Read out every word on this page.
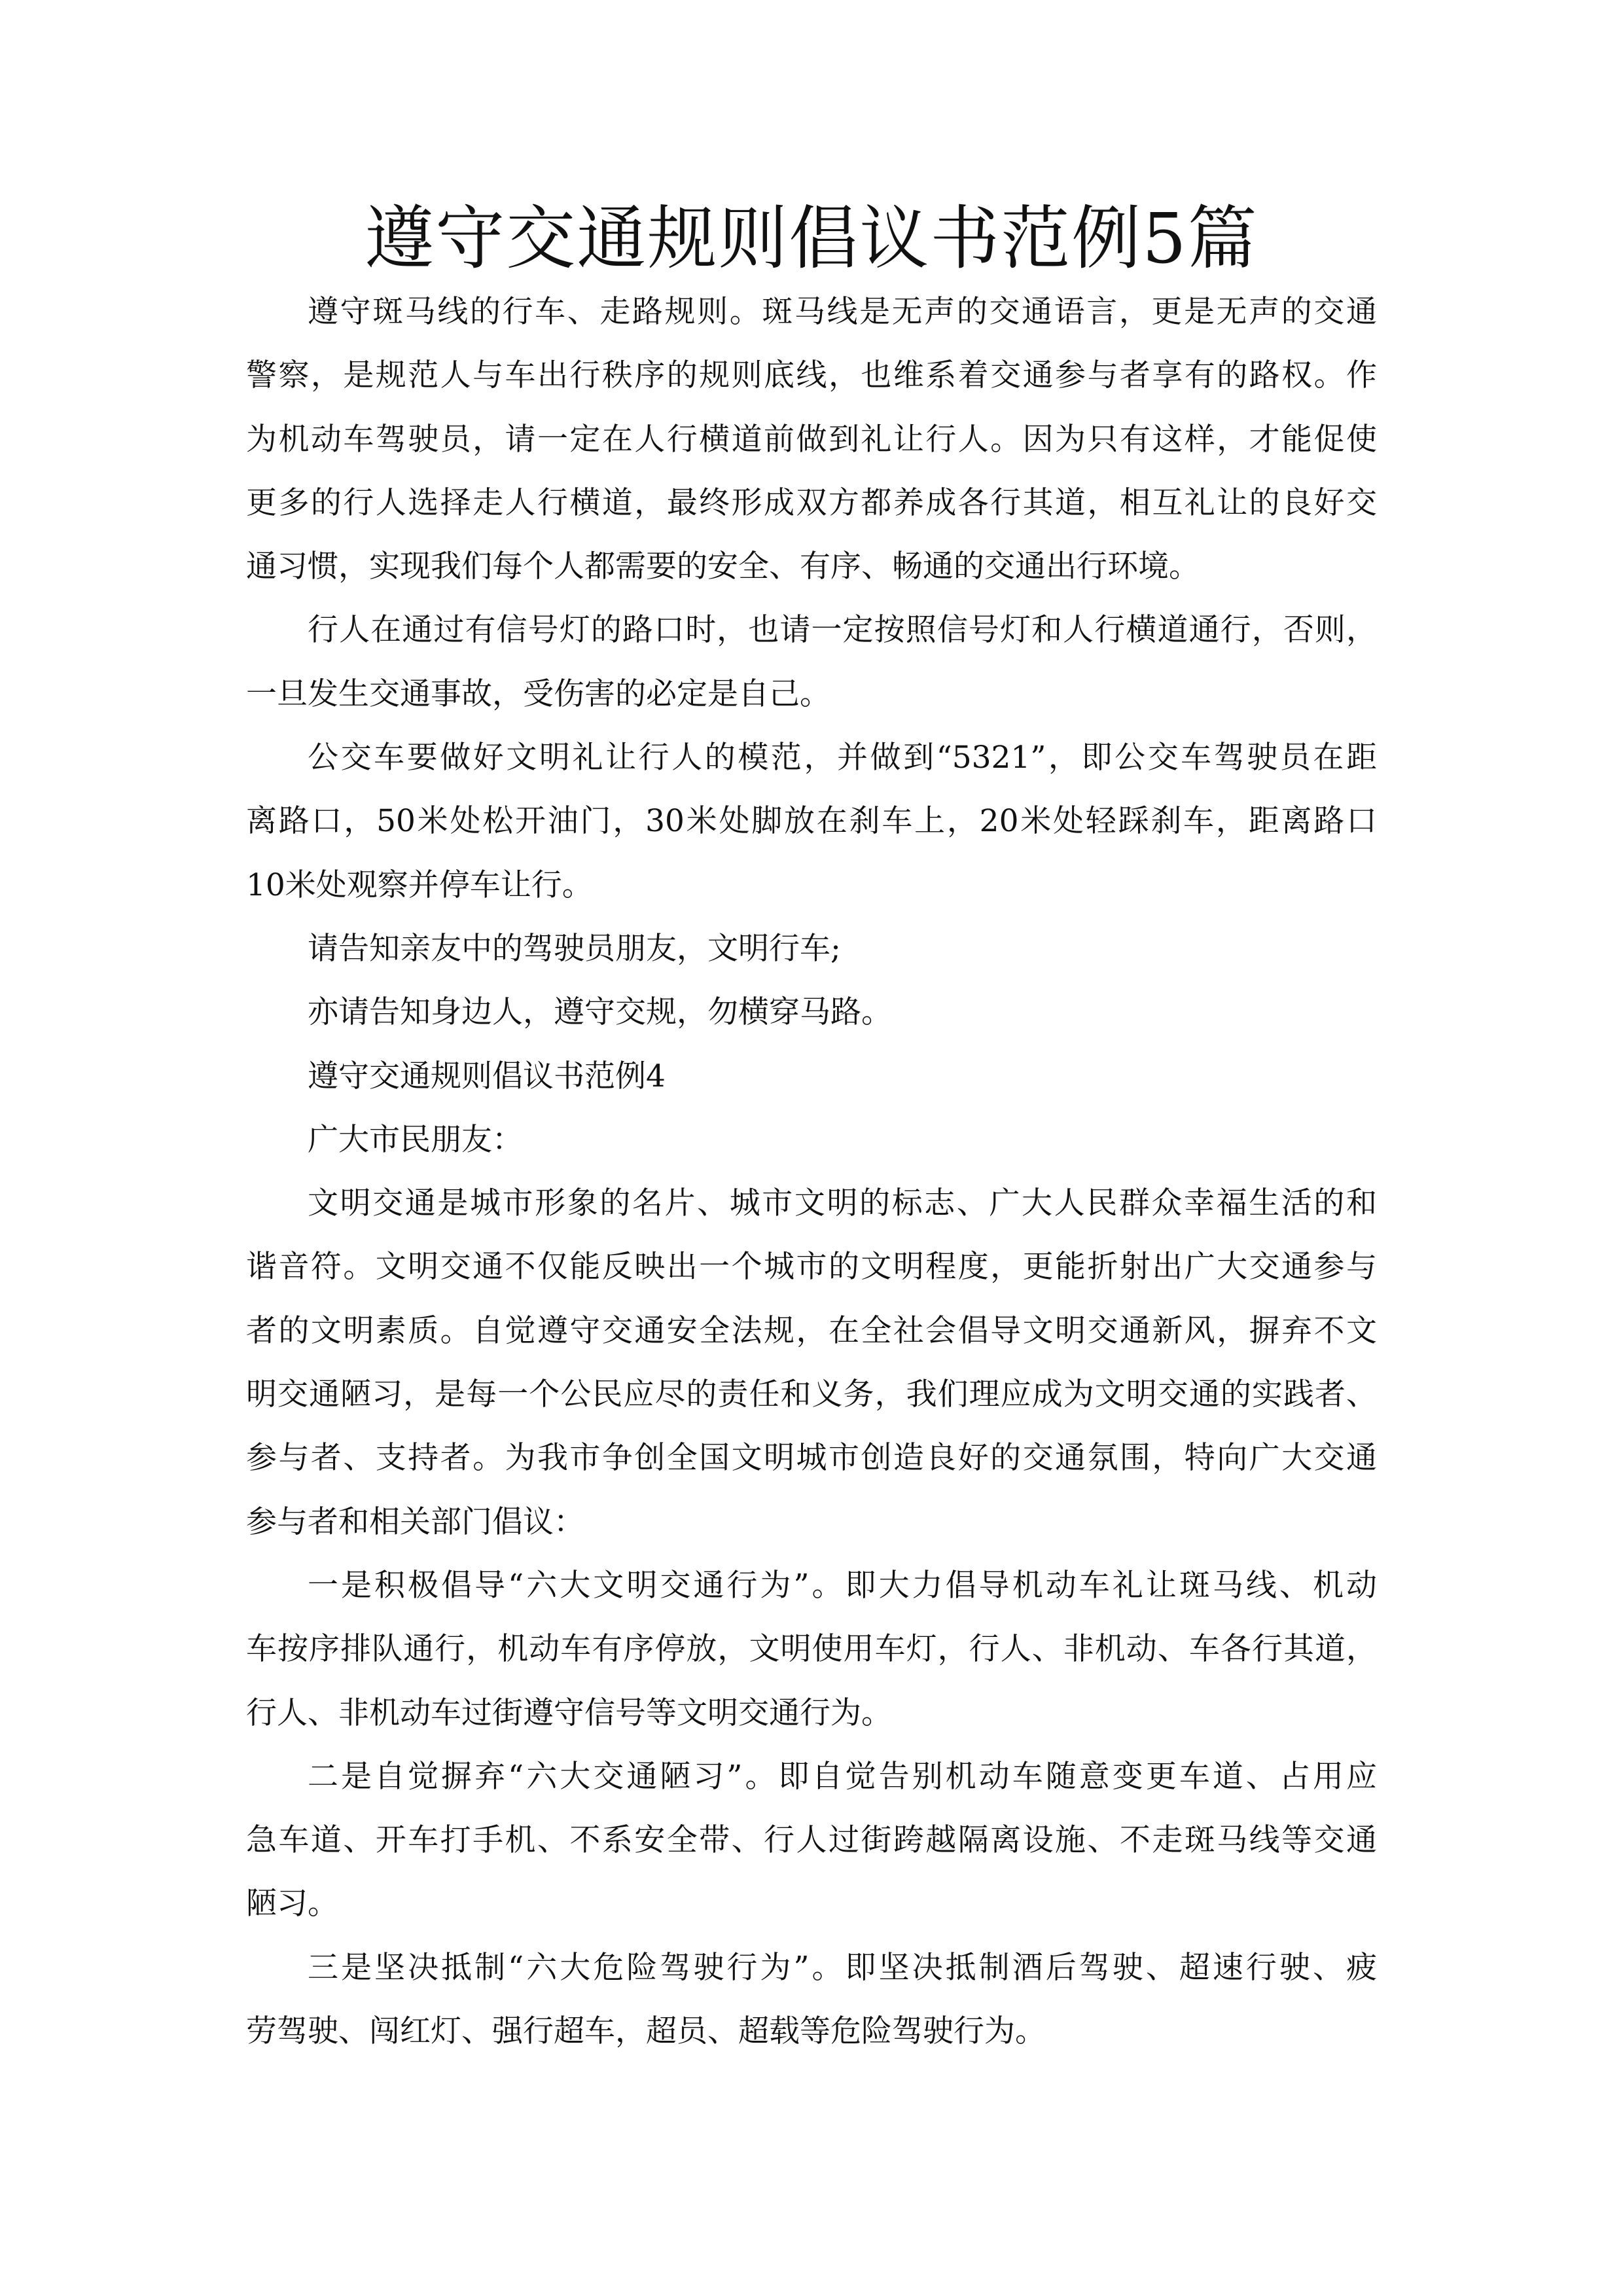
遵守交通规则倡议书范例5篇
遵守斑马线的行车、走路规则。斑马线是无声的交通语言，更是无声的交通
警察，是规范人与车出行秩序的规则底线，也维系着交通参与者享有的路权。作
为机动车驾驶员，请一定在人行横道前做到礼让行人。因为只有这样，才能促使
更多的行人选择走人行横道，最终形成双方都养成各行其道，相互礼让的良好交
通习惯，实现我们每个人都需要的安全、有序、畅通的交通出行环境。
行人在通过有信号灯的路口时，也请一定按照信号灯和人行横道通行，否则，
一旦发生交通事故，受伤害的必定是自己。
公交车要做好文明礼让行人的模范，并做到“5321”，即公交车驾驶员在距
离路口，50米处松开油门，30米处脚放在刹车上，20米处轻踩刹车，距离路口
10米处观察并停车让行。
请告知亲友中的驾驶员朋友，文明行车;
亦请告知身边人，遵守交规，勿横穿马路。
遵守交通规则倡议书范例4
广大市民朋友：
文明交通是城市形象的名片、城市文明的标志、广大人民群众幸福生活的和
谐音符。文明交通不仅能反映出一个城市的文明程度，更能折射出广大交通参与
者的文明素质。自觉遵守交通安全法规，在全社会倡导文明交通新风，摒弃不文
明交通陋习，是每一个公民应尽的责任和义务，我们理应成为文明交通的实践者、
参与者、支持者。为我市争创全国文明城市创造良好的交通氛围，特向广大交通
参与者和相关部门倡议：
一是积极倡导“六大文明交通行为”。即大力倡导机动车礼让斑马线、机动
车按序排队通行，机动车有序停放，文明使用车灯，行人、非机动、车各行其道，
行人、非机动车过街遵守信号等文明交通行为。
二是自觉摒弃“六大交通陋习”。即自觉告别机动车随意变更车道、占用应
急车道、开车打手机、不系安全带、行人过街跨越隔离设施、不走斑马线等交通
陋习。
三是坚决抵制“六大危险驾驶行为”。即坚决抵制酒后驾驶、超速行驶、疲
劳驾驶、闯红灯、强行超车，超员、超载等危险驾驶行为。
